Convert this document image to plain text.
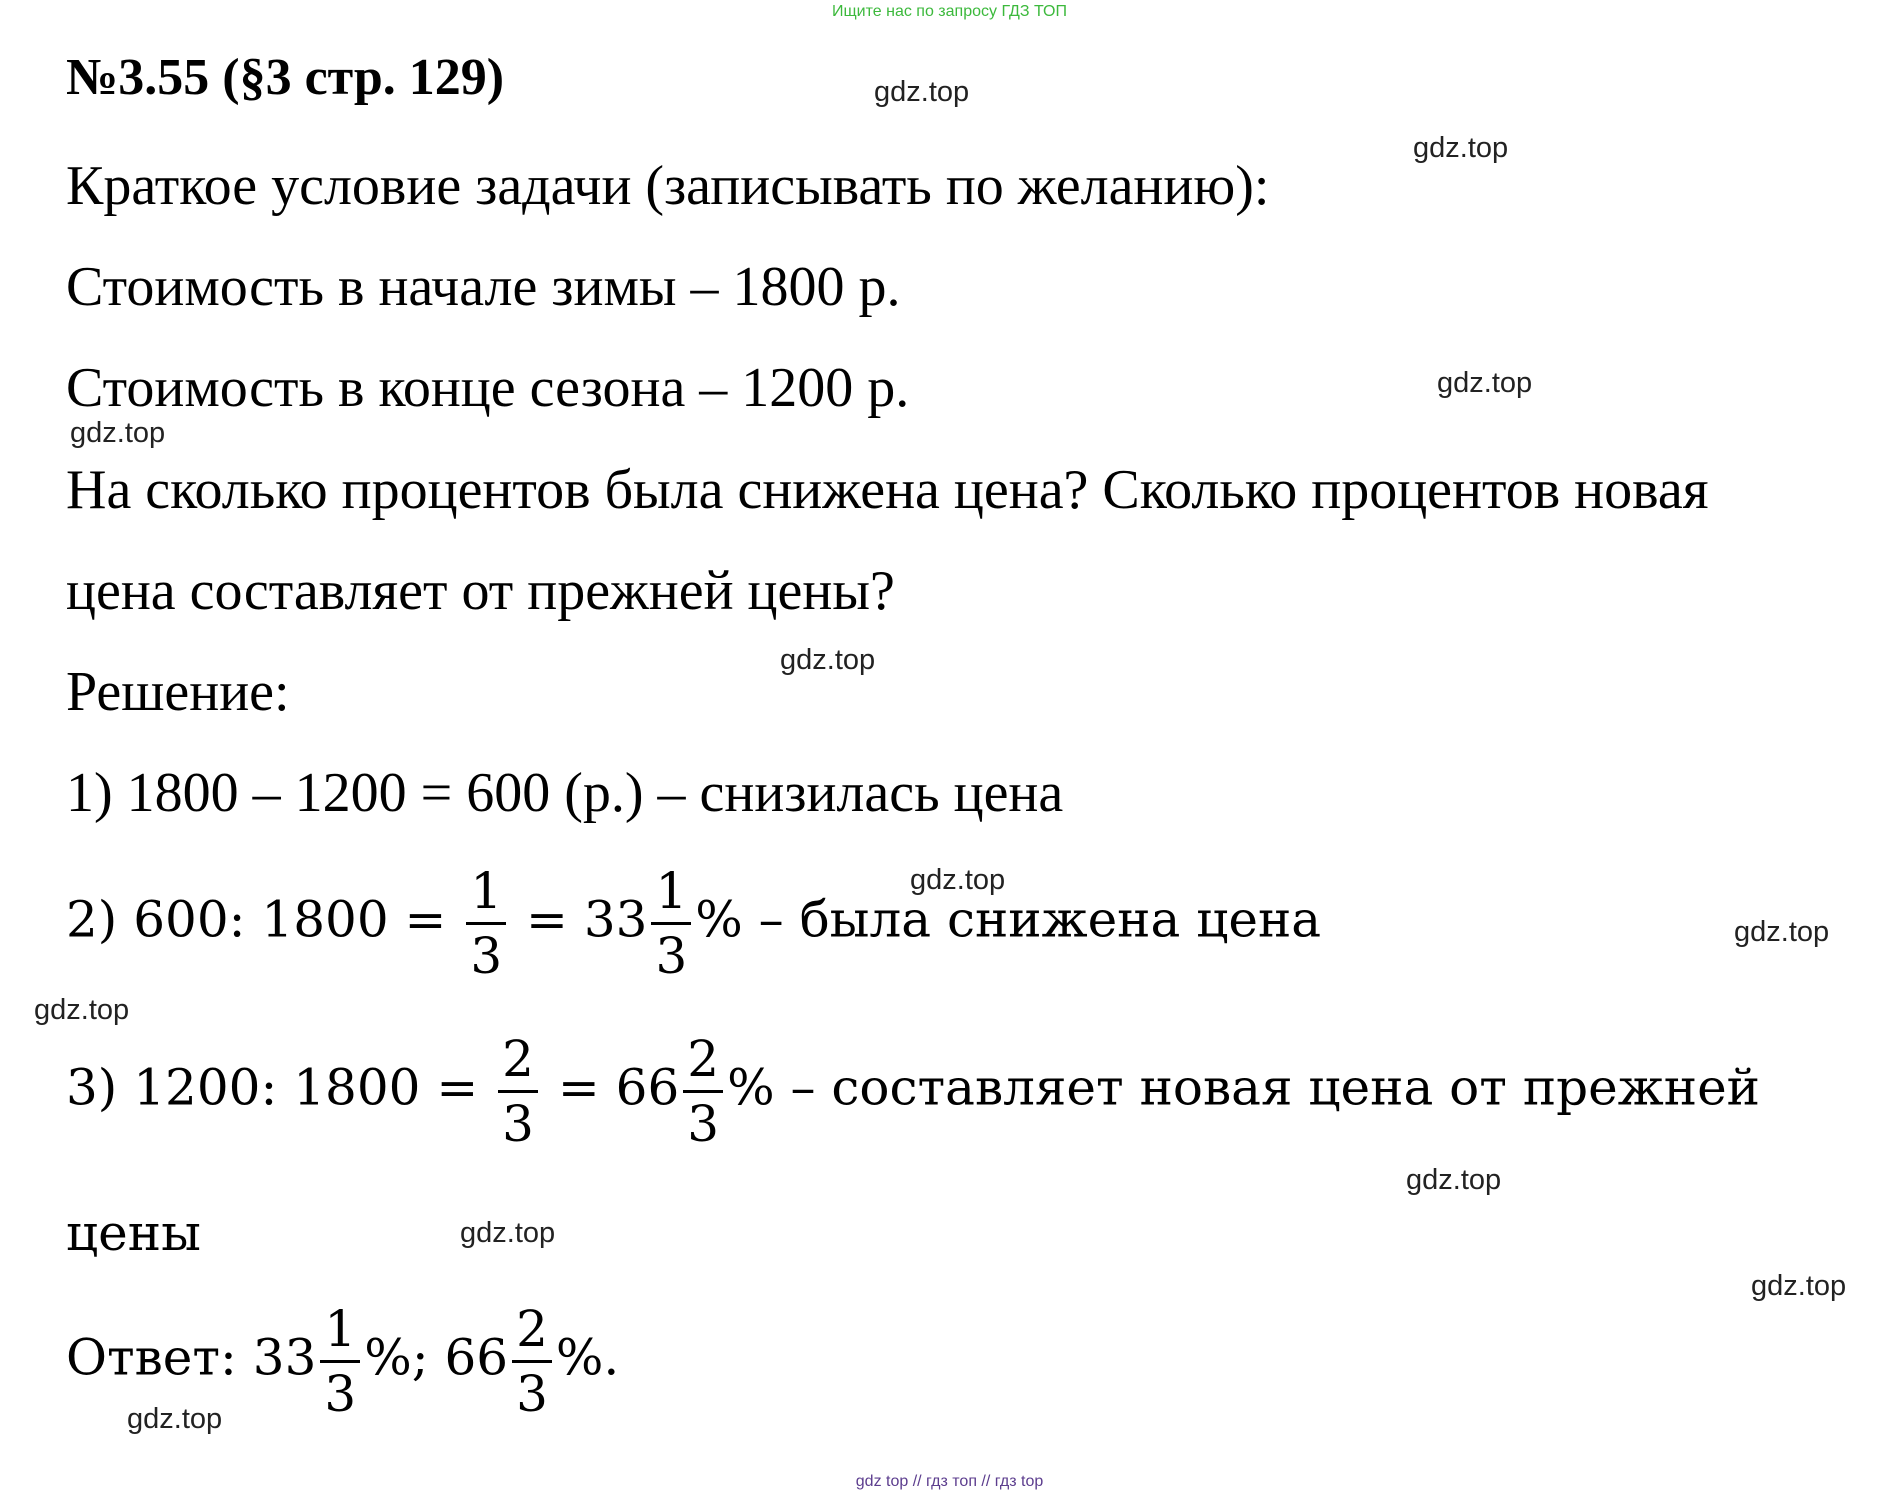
Ищите нас по запросу ГДЗ ТОП
№3.55 (§3 стр. 129)
Краткое условие задачи (записывать по желанию):
Стоимость в начале зимы – 1800 р.
Стоимость в конце сезона – 1200 р.
На сколько процентов была снижена цена? Сколько процентов новая
цена составляет от прежней цены?
Решение:
1) 1800 – 1200 = 600 (р.) – снизилась цена
2) 600: $1800 = \frac{1}{3} = 33 \frac{1}{3}$ % – была снижена цена
3) 1200: $1800 = \frac{2}{3} = 66 \frac{2}{3}$ % – составляет новая цена от прежней
цены
Ответ: $33 \frac{1}{3}$ %; $66 \frac{2}{3}$ %.
gdz.top
gdz.top
gdz.top
gdz.top
gdz.top
gdz.top
gdz.top
gdz.top
gdz.top
gdz.top
gdz.top
gdz.top
gdz top // гдз топ // гдз top
